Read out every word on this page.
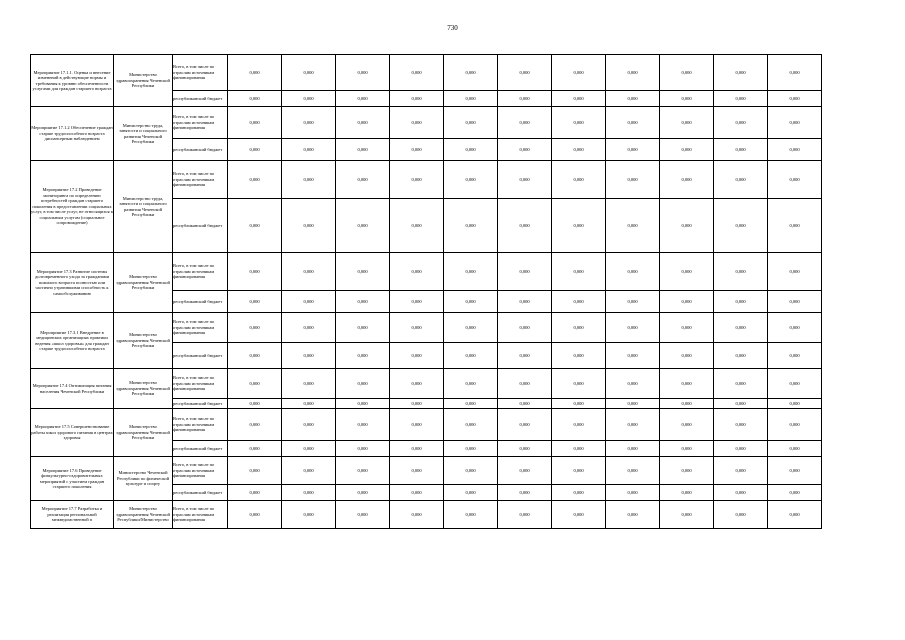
730
Мероприятие 17.1.1. Оценка и внесение изменений в действующие нормы и требования к уровню обеспеченности услугами для граждан старшего возраста	Министерство здравоохранения Чеченской Республики	Всего, в том числе по отраслям источникам финансирования	0,000	0,000	0,000	0,000	0,000	0,000	0,000	0,000	0,000	0,000	0,000
		республиканский бюджет	0,000	0,000	0,000	0,000	0,000	0,000	0,000	0,000	0,000	0,000	0,000
Мероприятие 17.1.2 Обеспечение граждан старше трудоспособного возраста диспансерным наблюдением	Министерство труда, занятости и социального развития Чеченской Республики	Всего, в том числе по отраслям источникам финансирования	0,000	0,000	0,000	0,000	0,000	0,000	0,000	0,000	0,000	0,000	0,000
		республиканский бюджет	0,000	0,000	0,000	0,000	0,000	0,000	0,000	0,000	0,000	0,000	0,000
Мероприятие 17.2 Проведение мониторинга по определению потребностей граждан старшего поколения в предоставлении социальных услуг, в том числе услуг, не относящихся к социальным услугам (социальное сопровождение)	Министерство труда, занятости и социального развития Чеченской Республики	Всего, в том числе по отраслям источникам финансирования	0,000	0,000	0,000	0,000	0,000	0,000	0,000	0,000	0,000	0,000	0,000
		республиканский бюджет	0,000	0,000	0,000	0,000	0,000	0,000	0,000	0,000	0,000	0,000	0,000
Мероприятие 17.3 Развитие системы долговременного ухода за гражданами пожилого возраста полностью или частично утратившими способность к самообслуживанию	Министерство здравоохранения Чеченской Республики	Всего, в том числе по отраслям источникам финансирования	0,000	0,000	0,000	0,000	0,000	0,000	0,000	0,000	0,000	0,000	0,000
		республиканский бюджет	0,000	0,000	0,000	0,000	0,000	0,000	0,000	0,000	0,000	0,000	0,000
Мероприятие 17.3.1 Внедрение в медицинских организациях практики ведения «школ здоровья» для граждан старше трудоспособного возраста	Министерство здравоохранения Чеченской Республики	Всего, в том числе по отраслям источникам финансирования	0,000	0,000	0,000	0,000	0,000	0,000	0,000	0,000	0,000	0,000	0,000
		республиканский бюджет	0,000	0,000	0,000	0,000	0,000	0,000	0,000	0,000	0,000	0,000	0,000
Мероприятие 17.4 Оптимизация питания населения Чеченской Республики	Министерство здравоохранения Чеченской Республики	Всего, в том числе по отраслям источникам финансирования	0,000	0,000	0,000	0,000	0,000	0,000	0,000	0,000	0,000	0,000	0,000
		республиканский бюджет	0,000	0,000	0,000	0,000	0,000	0,000	0,000	0,000	0,000	0,000	0,000
Мероприятие 17.5 Совершенствование работы школ здорового питания в центрах здоровья	Министерство здравоохранения Чеченской Республики	Всего, в том числе по отраслям источникам финансирования	0,000	0,000	0,000	0,000	0,000	0,000	0,000	0,000	0,000	0,000	0,000
		республиканский бюджет	0,000	0,000	0,000	0,000	0,000	0,000	0,000	0,000	0,000	0,000	0,000
Мероприятие 17.6 Проведение физкультурно-оздоровительных мероприятий с участием граждан старшего поколения	Министерство Чеченской Республики по физической культуре и спорту	Всего, в том числе по отраслям источникам финансирования	0,000	0,000	0,000	0,000	0,000	0,000	0,000	0,000	0,000	0,000	0,000
		республиканский бюджет	0,000	0,000	0,000	0,000	0,000	0,000	0,000	0,000	0,000	0,000	0,000
Мероприятие 17.7 Разработка и реализация региональной межведомственной п	Министерство здравоохранения Чеченской Республики/Министерство	Всего, в том числе по отраслям источникам финансирования	0,000	0,000	0,000	0,000	0,000	0,000	0,000	0,000	0,000	0,000	0,000
